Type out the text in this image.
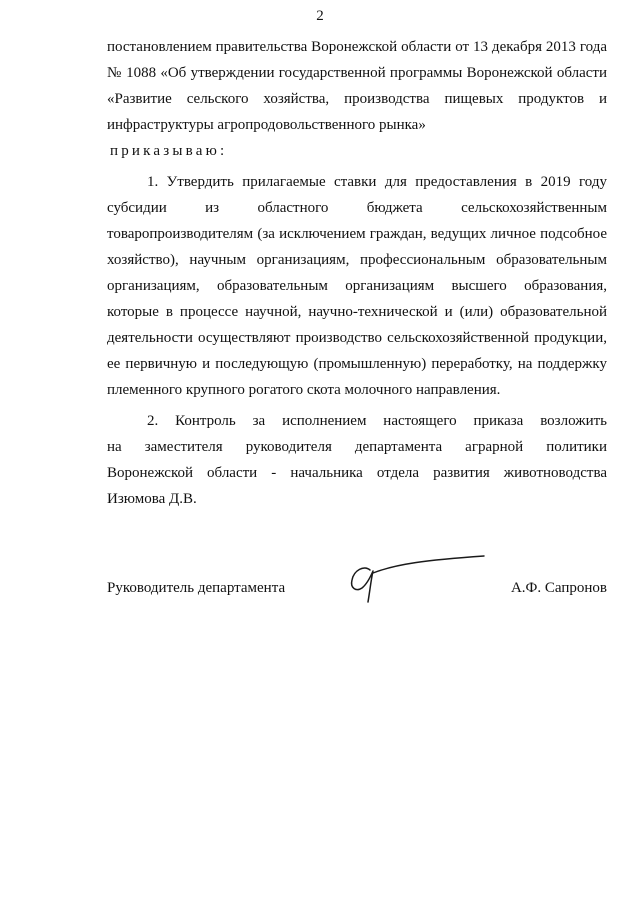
2
постановлением правительства Воронежской области от 13 декабря 2013 года
№ 1088 «Об утверждении государственной программы Воронежской области
«Развитие сельского хозяйства, производства пищевых продуктов и
инфраструктуры агропродовольственного рынка»
приказываю:
1. Утвердить прилагаемые ставки для предоставления в 2019 году
субсидии из областного бюджета сельскохозяйственным
товаропроизводителям (за исключением граждан, ведущих личное подсобное
хозяйство), научным организациям, профессиональным образовательным
организациям, образовательным организациям высшего образования,
которые в процессе научной, научно-технической и (или) образовательной
деятельности осуществляют производство сельскохозяйственной продукции,
ее первичную и последующую (промышленную) переработку, на поддержку
племенного крупного рогатого скота молочного направления.
2. Контроль за исполнением настоящего приказа возложить
на заместителя руководителя департамента аграрной политики
Воронежской области - начальника отдела развития животноводства
Изюмова Д.В.
Руководитель департамента	А.Ф. Сапронов
